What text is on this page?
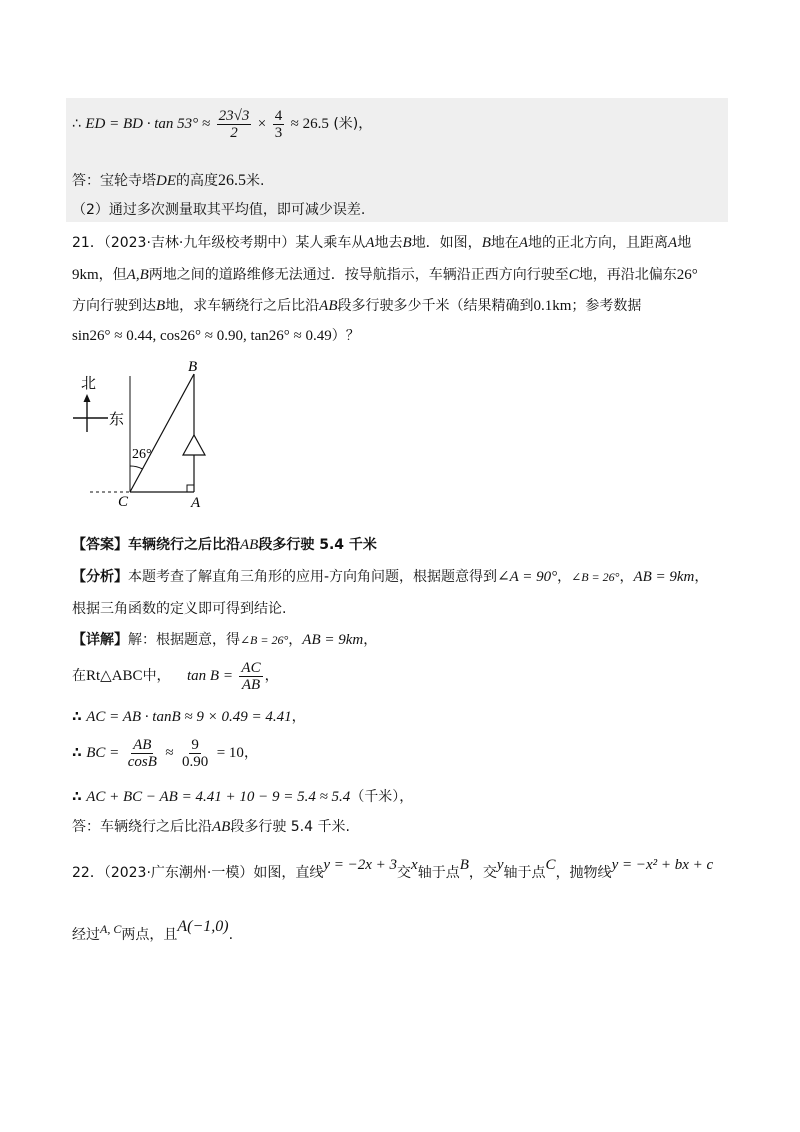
∴ ED = BD · $\tan 53^\circ \approx \frac{23√3}{2} \times \frac{4}{3} \approx 26.5$ (米)，
答：宝轮寺塔DE的高度26.5米.
（2）通过多次测量取其平均值，即可减少误差.
21．（2023·吉林·九年级校考期中）某人乘车从A地去B地．如图，B地在A地的正北方向，且距离A地
9km，但A,B两地之间的道路维修无法通过．按导航指示，车辆沿正西方向行驶至C地，再沿北偏东26°
方向行驶到达B地，求车辆绕行之后比沿AB段多行驶多少千米（结果精确到0.1km；参考数据
sin26° ≈ 0.44, cos26° ≈ 0.90, tan26° ≈ 0.49）？
北
东
26°
B
C	A
【答案】车辆绕行之后比沿AB段多行驶 5.4 千米
【分析】本题考查了解直角三角形的应用-方向角问题，根据题意得到∠A = 90°，∠B = 26°，AB = 9km，
根据三角函数的定义即可得到结论.
【详解】解：根据题意，得∠B = 26°，AB = 9km，
在Rt△ABC中， $\tan B = \frac{AC}{AB}$ ，
∴ AC = AB · tanB ≈ 9 × 0.49 = 4.41，
∴ BC = $\frac{AB}{\cos B} \approx \frac{9}{0.90} = 10$，
∴ AC + BC − AB = 4.41 + 10 − 9 = 5.4 ≈ 5.4（千米），
答：车辆绕行之后比沿AB段多行驶 5.4 千米.
22．（2023·广东潮州·一模）如图，直线y = −2x + 3交x轴于点B，交y轴于点C，抛物线y = −x² + bx + c
经过A, C两点，且A(−1,0).
